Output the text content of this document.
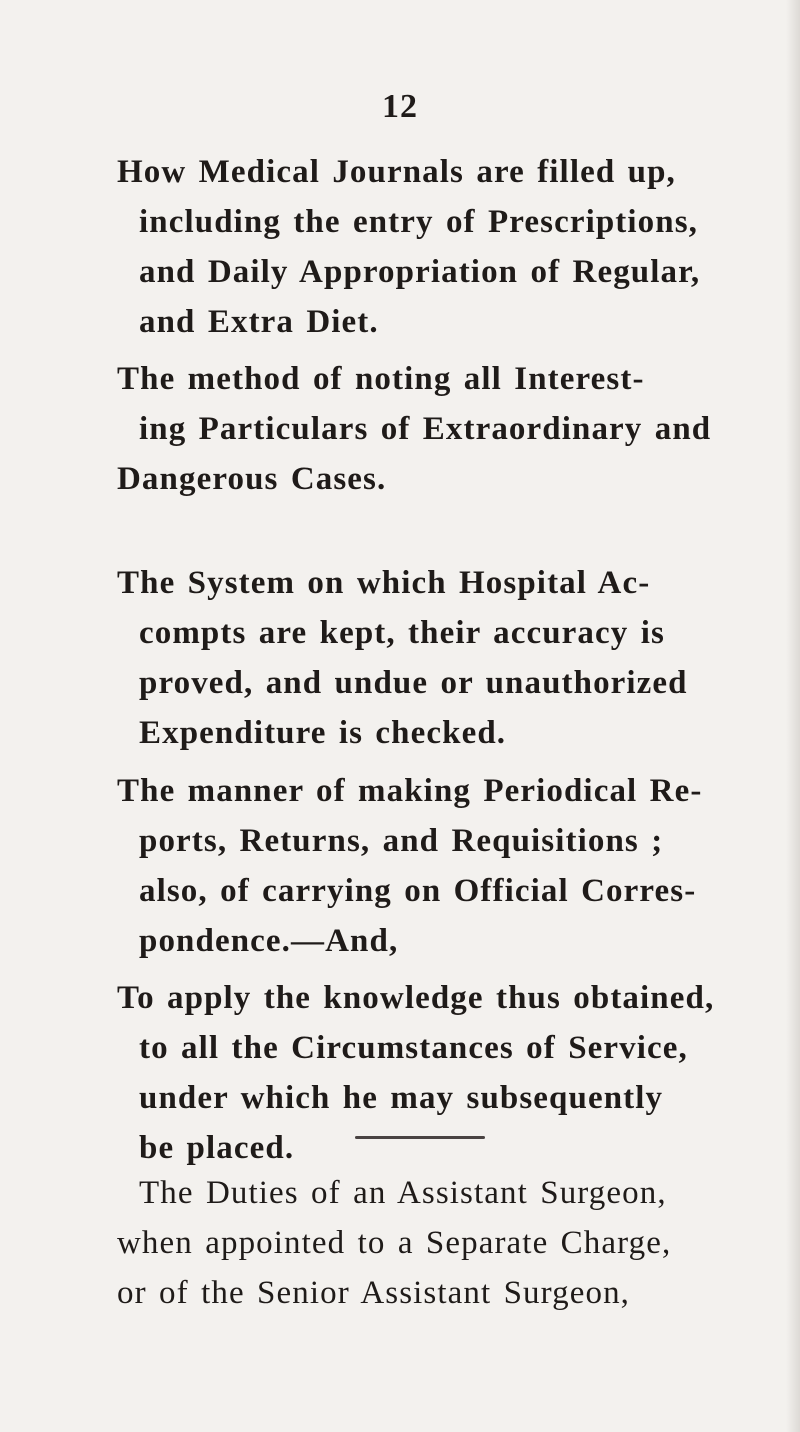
12
How Medical Journals are filled up,
including the entry of Prescriptions,
and Daily Appropriation of Regular,
and Extra Diet.
The method of noting all Interest-
ing Particulars of Extraordinary and
Dangerous Cases.
The System on which Hospital Ac-
compts are kept, their accuracy is
proved, and undue or unauthorized
Expenditure is checked.
The manner of making Periodical Re-
ports, Returns, and Requisitions ;
also, of carrying on Official Corres-
pondence.—And,
To apply the knowledge thus obtained,
to all the Circumstances of Service,
under which he may subsequently
be placed.
The Duties of an Assistant Surgeon,
when appointed to a Separate Charge,
or of the Senior Assistant Surgeon,
